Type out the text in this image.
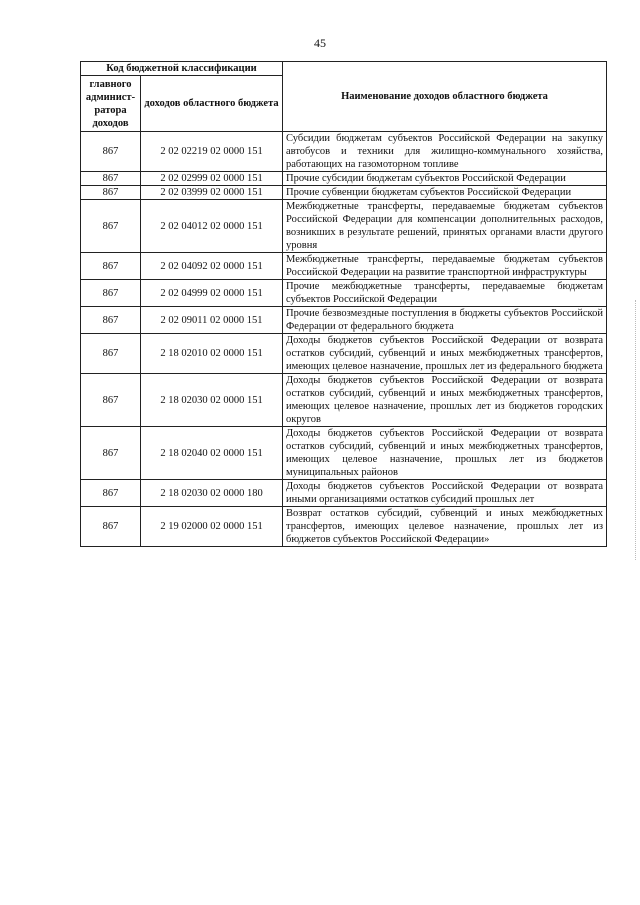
45
Код бюджетной классификации		Наименование доходов областного бюджета
главного админист-ратора доходов	доходов областного бюджета	
867	2 02 02219 02 0000 151	Субсидии бюджетам субъектов Российской Федерации на закупку автобусов и техники для жилищно-коммунального хозяйства, работающих на газомоторном топливе
867	2 02 02999 02 0000 151	Прочие субсидии бюджетам субъектов Российской Федерации
867	2 02 03999 02 0000 151	Прочие субвенции бюджетам субъектов Российской Федерации
867	2 02 04012 02 0000 151	Межбюджетные трансферты, передаваемые бюджетам субъектов Российской Федерации для компенсации дополнительных расходов, возникших в результате решений, принятых органами власти другого уровня
867	2 02 04092 02 0000 151	Межбюджетные трансферты, передаваемые бюджетам субъектов Российской Федерации на развитие транспортной инфраструктуры
867	2 02 04999 02 0000 151	Прочие межбюджетные трансферты, передаваемые бюджетам субъектов Российской Федерации
867	2 02 09011 02 0000 151	Прочие безвозмездные поступления в бюджеты субъектов Российской Федерации от федерального бюджета
867	2 18 02010 02 0000 151	Доходы бюджетов субъектов Российской Федерации от возврата остатков субсидий, субвенций и иных межбюджетных трансфертов, имеющих целевое назначение, прошлых лет из федерального бюджета
867	2 18 02030 02 0000 151	Доходы бюджетов субъектов Российской Федерации от возврата остатков субсидий, субвенций и иных межбюджетных трансфертов, имеющих целевое назначение, прошлых лет из бюджетов городских округов
867	2 18 02040 02 0000 151	Доходы бюджетов субъектов Российской Федерации от возврата остатков субсидий, субвенций и иных межбюджетных трансфертов, имеющих целевое назначение, прошлых лет из бюджетов муниципальных районов
867	2 18 02030 02 0000 180	Доходы бюджетов субъектов Российской Федерации от возврата иными организациями остатков субсидий прошлых лет
867	2 19 02000 02 0000 151	Возврат остатков субсидий, субвенций и иных межбюджетных трансфертов, имеющих целевое назначение, прошлых лет из бюджетов субъектов Российской Федерации»
